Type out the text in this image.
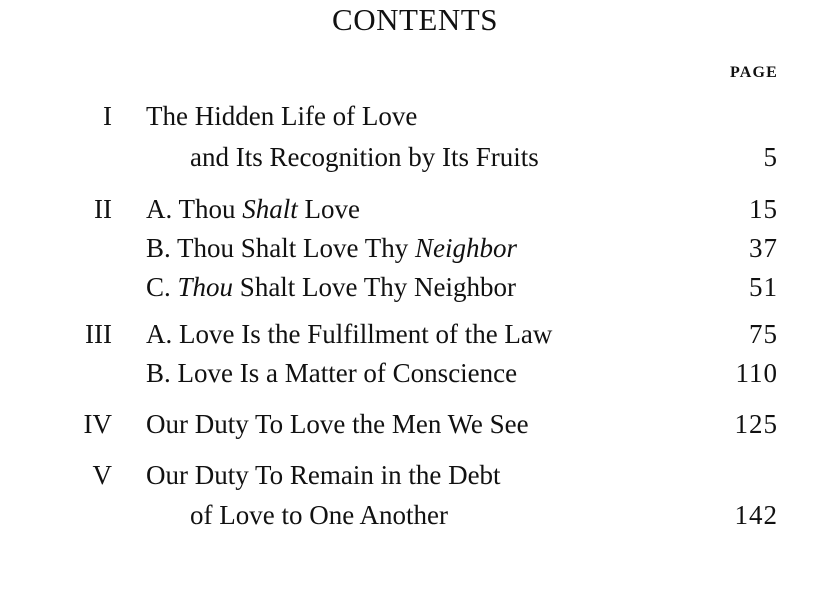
CONTENTS
PAGE
I The Hidden Life of Love
and Its Recognition by Its Fruits	5
II A. Thou Shalt Love	15
B. Thou Shalt Love Thy Neighbor	37
C. Thou Shalt Love Thy Neighbor	51
III A. Love Is the Fulfillment of the Law	75
B. Love Is a Matter of Conscience	110
IV Our Duty To Love the Men We See	125
V Our Duty To Remain in the Debt
of Love to One Another	142
